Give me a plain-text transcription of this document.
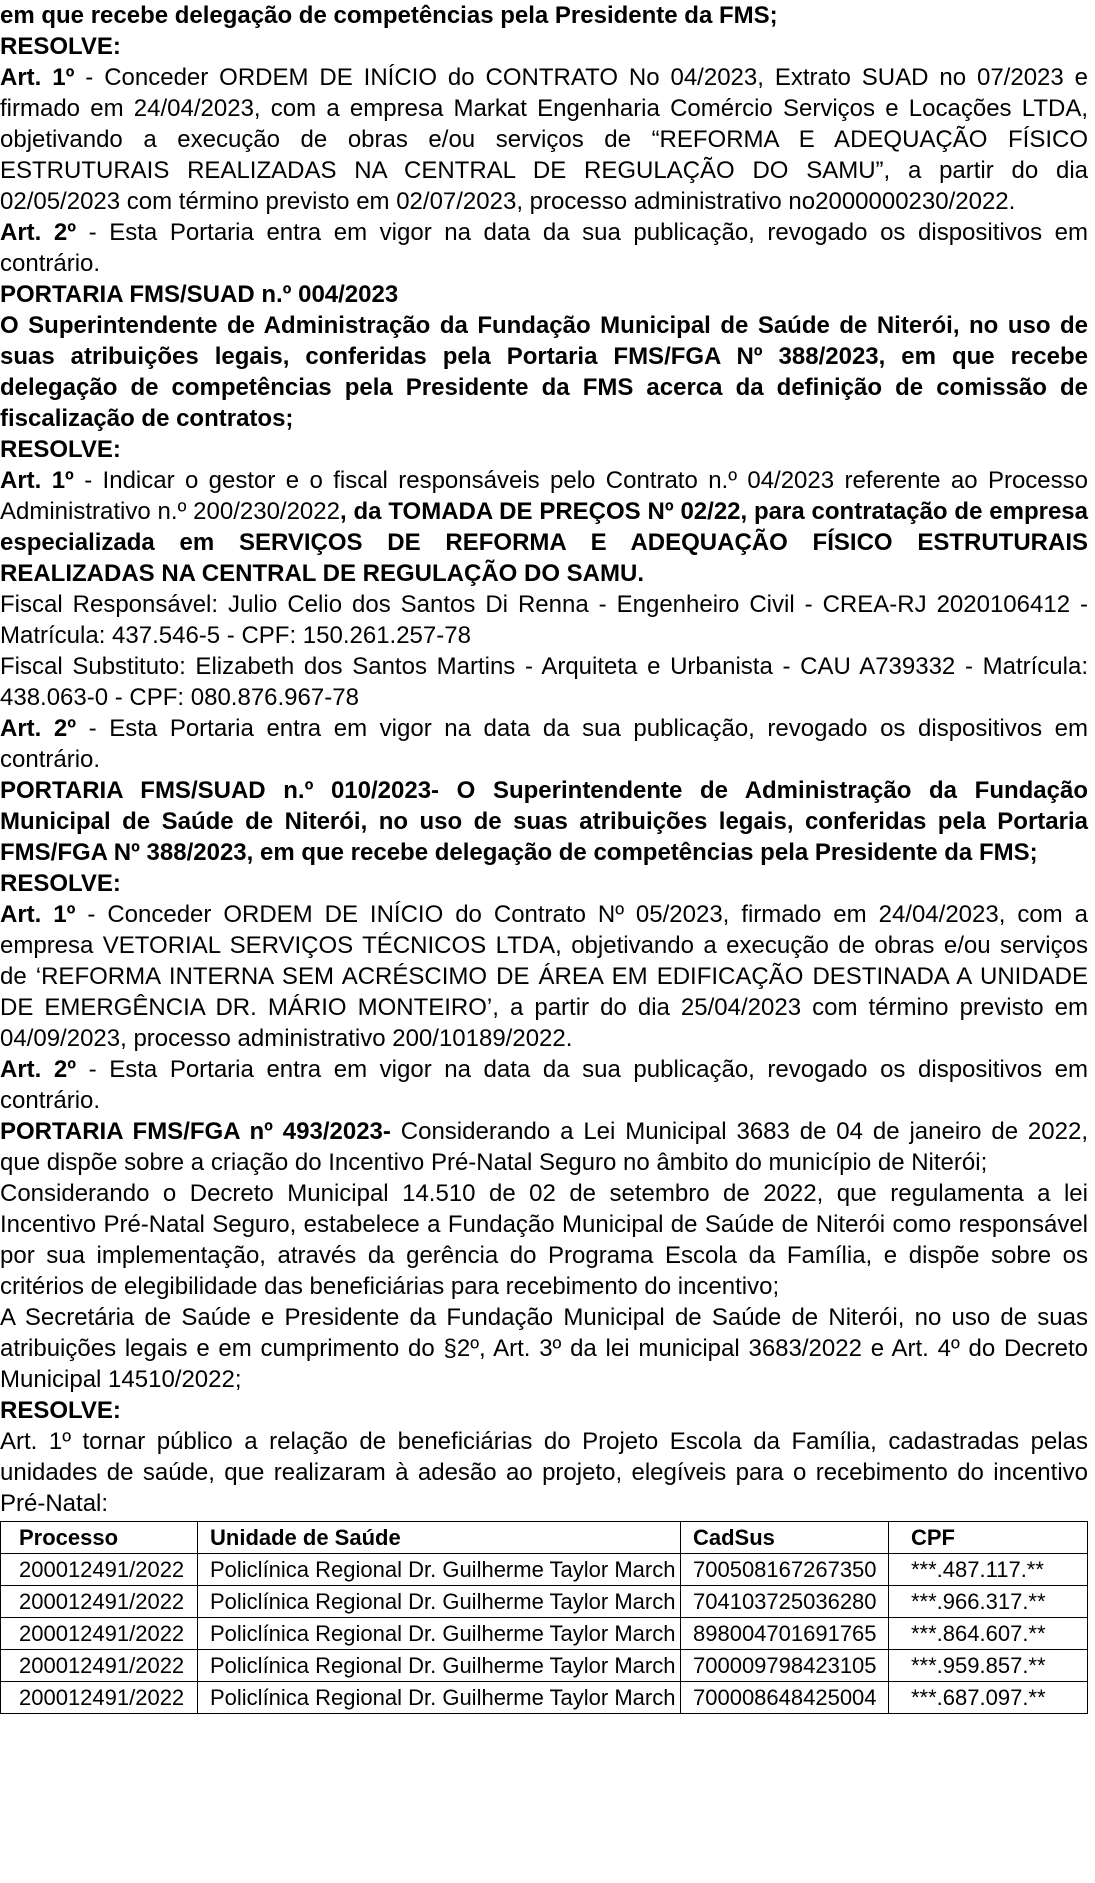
em que recebe delegação de competências pela Presidente da FMS;

RESOLVE:

Art. 1º - Conceder ORDEM DE INÍCIO do CONTRATO No 04/2023, Extrato SUAD no 07/2023 e firmado em 24/04/2023, com a empresa Markat Engenharia Comércio Serviços e Locações LTDA, objetivando a execução de obras e/ou serviços de “REFORMA E ADEQUAÇÃO FÍSICO ESTRUTURAIS REALIZADAS NA CENTRAL DE REGULAÇÃO DO SAMU”, a partir do dia 02/05/2023 com término previsto em 02/07/2023, processo administrativo no2000000230/2022.

Art. 2º - Esta Portaria entra em vigor na data da sua publicação, revogado os dispositivos em contrário.

PORTARIA FMS/SUAD n.º 004/2023

O Superintendente de Administração da Fundação Municipal de Saúde de Niterói, no uso de suas atribuições legais, conferidas pela Portaria FMS/FGA Nº 388/2023, em que recebe delegação de competências pela Presidente da FMS acerca da definição de comissão de fiscalização de contratos;

RESOLVE:

Art. 1º - Indicar o gestor e o fiscal responsáveis pelo Contrato n.º 04/2023 referente ao Processo Administrativo n.º 200/230/2022, da TOMADA DE PREÇOS Nº 02/22, para contratação de empresa especializada em SERVIÇOS DE REFORMA E ADEQUAÇÃO FÍSICO ESTRUTURAIS REALIZADAS NA CENTRAL DE REGULAÇÃO DO SAMU.

Fiscal Responsável: Julio Celio dos Santos Di Renna - Engenheiro Civil - CREA-RJ 2020106412 - Matrícula: 437.546-5 - CPF: 150.261.257-78

Fiscal Substituto: Elizabeth dos Santos Martins - Arquiteta e Urbanista - CAU A739332 - Matrícula: 438.063-0 - CPF: 080.876.967-78

Art. 2º - Esta Portaria entra em vigor na data da sua publicação, revogado os dispositivos em contrário.

PORTARIA FMS/SUAD n.º 010/2023- O Superintendente de Administração da Fundação Municipal de Saúde de Niterói, no uso de suas atribuições legais, conferidas pela Portaria FMS/FGA Nº 388/2023, em que recebe delegação de competências pela Presidente da FMS;

RESOLVE:

Art. 1º - Conceder ORDEM DE INÍCIO do Contrato Nº 05/2023, firmado em 24/04/2023, com a empresa VETORIAL SERVIÇOS TÉCNICOS LTDA, objetivando a execução de obras e/ou serviços de ‘REFORMA INTERNA SEM ACRÉSCIMO DE ÁREA EM EDIFICAÇÃO DESTINADA A UNIDADE DE EMERGÊNCIA DR. MÁRIO MONTEIRO’, a partir do dia 25/04/2023 com término previsto em 04/09/2023, processo administrativo 200/10189/2022.

Art. 2º - Esta Portaria entra em vigor na data da sua publicação, revogado os dispositivos em contrário.

PORTARIA FMS/FGA nº 493/2023- Considerando a Lei Municipal 3683 de 04 de janeiro de 2022, que dispõe sobre a criação do Incentivo Pré-Natal Seguro no âmbito do município de Niterói;

Considerando o Decreto Municipal 14.510 de 02 de setembro de 2022, que regulamenta a lei Incentivo Pré-Natal Seguro, estabelece a Fundação Municipal de Saúde de Niterói como responsável por sua implementação, através da gerência do Programa Escola da Família, e dispõe sobre os critérios de elegibilidade das beneficiárias para recebimento do incentivo;

A Secretária de Saúde e Presidente da Fundação Municipal de Saúde de Niterói, no uso de suas atribuições legais e em cumprimento do §2º, Art. 3º da lei municipal 3683/2022 e Art. 4º do Decreto Municipal 14510/2022;

RESOLVE:

Art. 1º tornar público a relação de beneficiárias do Projeto Escola da Família, cadastradas pelas unidades de saúde, que realizaram à adesão ao projeto, elegíveis para o recebimento do incentivo Pré-Natal:

Processo	Unidade de Saúde	CadSus	CPF
200012491/2022	Policlínica Regional Dr. Guilherme Taylor March	700508167267350	***.487.117.**
200012491/2022	Policlínica Regional Dr. Guilherme Taylor March	704103725036280	***.966.317.**
200012491/2022	Policlínica Regional Dr. Guilherme Taylor March	898004701691765	***.864.607.**
200012491/2022	Policlínica Regional Dr. Guilherme Taylor March	700009798423105	***.959.857.**
200012491/2022	Policlínica Regional Dr. Guilherme Taylor March	700008648425004	***.687.097.**
